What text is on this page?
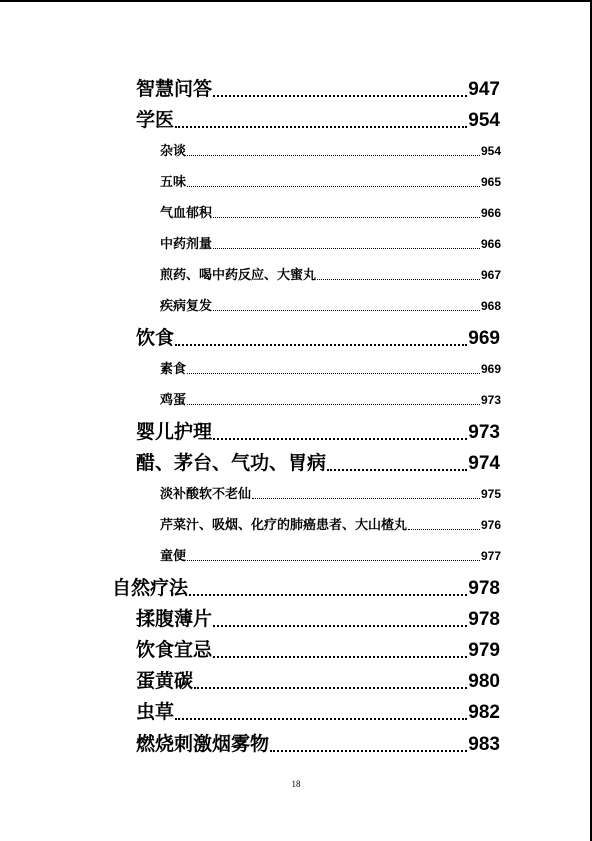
智慧问答	947
学医	954
杂谈	954
五味	965
气血郁积	966
中药剂量	966
煎药、喝中药反应、大蜜丸	967
疾病复发	968
饮食	969
素食	969
鸡蛋	973
婴儿护理	973
醋、茅台、气功、胃病	974
淡补酸软不老仙	975
芹菜汁、吸烟、化疗的肺癌患者、大山楂丸	976
童便	977
自然疗法	978
揉腹薄片	978
饮食宜忌	979
蛋黄碳	980
虫草	982
燃烧刺激烟雾物	983
18
